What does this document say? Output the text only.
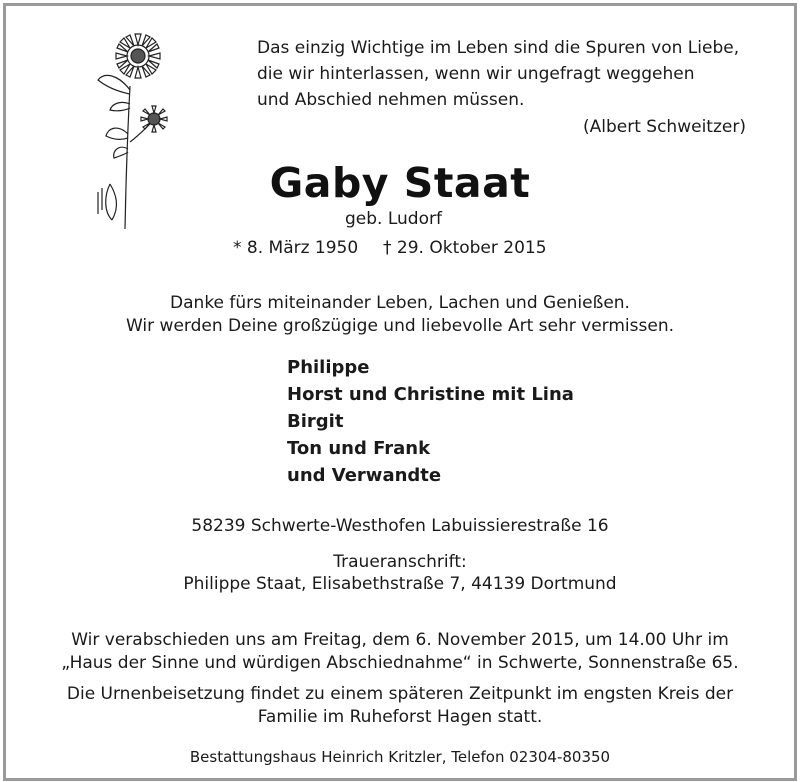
Das einzig Wichtige im Leben sind die Spuren von Liebe,
die wir hinterlassen, wenn wir ungefragt weggehen
und Abschied nehmen müssen.
(Albert Schweitzer)
Gaby Staat
geb. Ludorf
* 8. März 1950 † 29. Oktober 2015
Danke fürs miteinander Leben, Lachen und Genießen.
Wir werden Deine großzügige und liebevolle Art sehr vermissen.
Philippe
Horst und Christine mit Lina
Birgit
Ton und Frank
und Verwandte
58239 Schwerte-Westhofen Labuissierestraße 16
Traueranschrift:
Philippe Staat, Elisabethstraße 7, 44139 Dortmund
Wir verabschieden uns am Freitag, dem 6. November 2015, um 14.00 Uhr im
„Haus der Sinne und würdigen Abschiednahme“ in Schwerte, Sonnenstraße 65.
Die Urnenbeisetzung findet zu einem späteren Zeitpunkt im engsten Kreis der
Familie im Ruheforst Hagen statt.
Bestattungshaus Heinrich Kritzler, Telefon 02304-80350
